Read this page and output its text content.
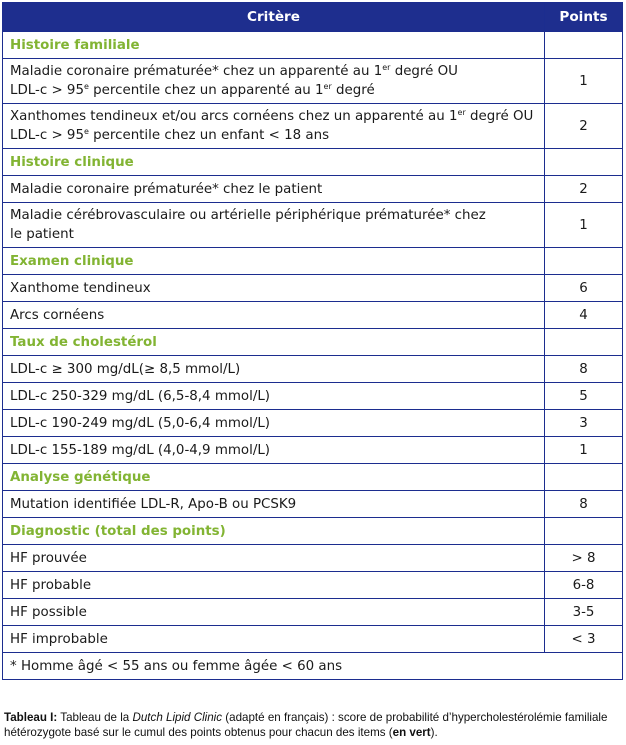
Critère	Points
Histoire familiale	
Maladie coronaire prématurée* chez un apparenté au 1er degré OU
$LDL-c > 95^e$ percentile chez un apparenté au 1er degré	1
Xanthomes tendineux et/ou arcs cornéens chez un apparenté au 1er degré OU
$LDL-c > 95^e$ percentile chez un enfant < 18 ans	2
Histoire clinique	
Maladie coronaire prématurée* chez le patient	2
Maladie cérébrovasculaire ou artérielle périphérique prématurée* chez
le patient	1
Examen clinique	
Xanthome tendineux	6
Arcs cornéens	4
Taux de cholestérol	
LDL-c ≥ 300 mg/dL(≥ 8,5 mmol/L)	8
LDL-c 250-329 mg/dL (6,5-8,4 mmol/L)	5
LDL-c 190-249 mg/dL (5,0-6,4 mmol/L)	3
LDL-c 155-189 mg/dL (4,0-4,9 mmol/L)	1
Analyse génétique	
Mutation identifiée LDL-R, Apo-B ou PCSK9	8
Diagnostic (total des points)	
HF prouvée	> 8
HF probable	6-8
HF possible	3-5
HF improbable	< 3
* Homme âgé < 55 ans ou femme âgée < 60 ans	
Tableau I: Tableau de la Dutch Lipid Clinic (adapté en français) : score de probabilité d’hypercholestérolémie familiale hétérozygote basé sur le cumul des points obtenus pour chacun des items (en vert).
